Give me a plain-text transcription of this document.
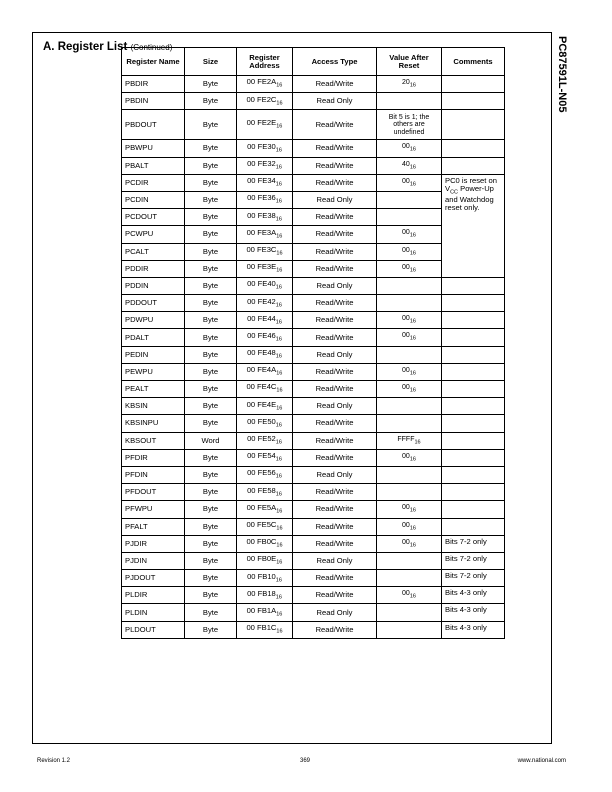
A. Register List (Continued)	PC87591L-N05
Register Name	Size	Register Address	Access Type	Value After Reset	Comments
PBDIR	Byte	00 $FE2A_{16}$	Read/Write	$20_{16}$	
PBDIN	Byte	00 $FE2C_{16}$	Read Only		
PBDOUT	Byte	00 $FE2E_{16}$	Read/Write	Bit 5 is 1; the others are undefined	
PBWPU	Byte	00 $FE30_{16}$	Read/Write	$00_{16}$	
PBALT	Byte	00 $FE32_{16}$	Read/Write	$40_{16}$	
PCDIR	Byte	00 $FE34_{16}$	Read/Write	$00_{16}$	PC0 is reset on $V_{CC}$ Power-Up and Watchdog reset only.
PCDIN	Byte	00 $FE36_{16}$	Read Only		
PCDOUT	Byte	00 $FE38_{16}$	Read/Write		
PCWPU	Byte	00 $FE3A_{16}$	Read/Write	$00_{16}$
PCALT	Byte	00 $FE3C_{16}$	Read/Write	$00_{16}$
PDDIR	Byte	00 $FE3E_{16}$	Read/Write	$00_{16}$
PDDIN	Byte	00 $FE40_{16}$	Read Only		
PDDOUT	Byte	00 $FE42_{16}$	Read/Write		
PDWPU	Byte	00 $FE44_{16}$	Read/Write	$00_{16}$	
PDALT	Byte	00 $FE46_{16}$	Read/Write	$00_{16}$	
PEDIN	Byte	00 $FE48_{16}$	Read Only		
PEWPU	Byte	00 $FE4A_{16}$	Read/Write	$00_{16}$	
PEALT	Byte	00 $FE4C_{16}$	Read/Write	$00_{16}$	
KBSIN	Byte	00 $FE4E_{16}$	Read Only		
KBSINPU	Byte	00 $FE50_{16}$	Read/Write		
KBSOUT	Word	00 $FE52_{16}$	Read/Write	$FFFF_{16}$	
PFDIR	Byte	00 $FE54_{16}$	Read/Write	$00_{16}$	
PFDIN	Byte	00 $FE56_{16}$	Read Only		
PFDOUT	Byte	00 $FE58_{16}$	Read/Write		
PFWPU	Byte	00 $FE5A_{16}$	Read/Write	$00_{16}$	
PFALT	Byte	00 $FE5C_{16}$	Read/Write	$00_{16}$	
PJDIR	Byte	00 $FB0C_{16}$	Read/Write	$00_{16}$	Bits 7-2 only
PJDIN	Byte	00 $FB0E_{16}$	Read Only		Bits 7-2 only
PJDOUT	Byte	00 $FB10_{16}$	Read/Write		Bits 7-2 only
PLDIR	Byte	00 $FB18_{16}$	Read/Write	$00_{16}$	Bits 4-3 only
PLDIN	Byte	00 $FB1A_{16}$	Read Only		Bits 4-3 only
PLDOUT	Byte	00 $FB1C_{16}$	Read/Write		Bits 4-3 only
Revision 1.2	369	www.national.com
